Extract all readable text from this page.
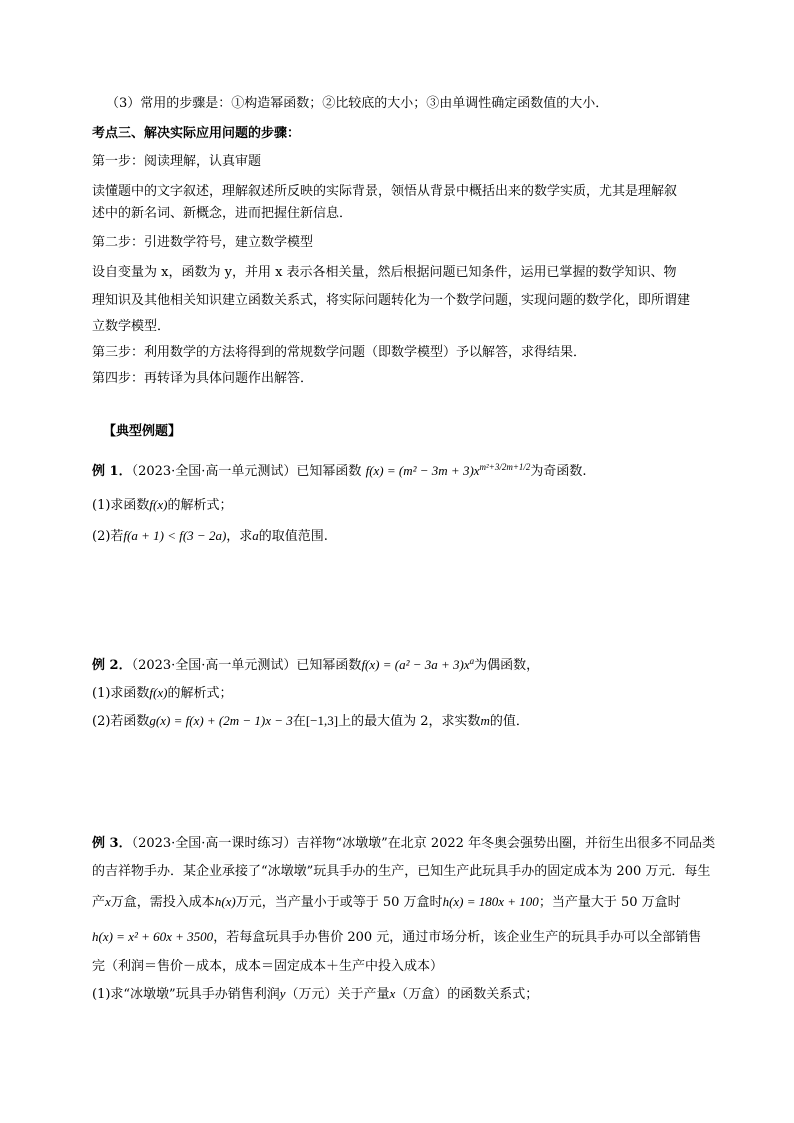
（3）常用的步骤是：①构造幂函数；②比较底的大小；③由单调性确定函数值的大小．
考点三、解决实际应用问题的步骤：
第一步：阅读理解，认真审题
读懂题中的文字叙述，理解叙述所反映的实际背景，领悟从背景中概括出来的数学实质，尤其是理解叙
述中的新名词、新概念，进而把握住新信息．
第二步：引进数学符号，建立数学模型
设自变量为 x，函数为 y，并用 x 表示各相关量，然后根据问题已知条件，运用已掌握的数学知识、物
理知识及其他相关知识建立函数关系式，将实际问题转化为一个数学问题，实现问题的数学化，即所谓建
立数学模型．
第三步：利用数学的方法将得到的常规数学问题（即数学模型）予以解答，求得结果．
第四步：再转译为具体问题作出解答．
【典型例题】
例 1．（2023·全国·高一单元测试）已知幂函数 $f(x) = (m^2 - 3m + 3)x^{m^2+3/2m+1/2}$为奇函数.
(1)求函数f(x)的解析式；
(2)若f(a + 1) < f(3 − 2a)，求a的取值范围.
例 2．（2023·全国·高一单元测试）已知幂函数$f(x) = (a^2 - 3a + 3)x^a$为偶函数，
(1)求函数f(x)的解析式；
(2)若函数g(x) = f(x) + (2m − 1)x − 3在[−1,3]上的最大值为 2，求实数m的值．
例 3．（2023·全国·高一课时练习）吉祥物“冰墩墩”在北京 2022 年冬奥会强势出圈，并衍生出很多不同品类
的吉祥物手办．某企业承接了“冰墩墩”玩具手办的生产，已知生产此玩具手办的固定成本为 200 万元．每生
产x万盒，需投入成本h(x)万元，当产量小于或等于 50 万盒时h(x) = 180x + 100；当产量大于 50 万盒时
h(x) = x² + 60x + 3500，若每盒玩具手办售价 200 元，通过市场分析，该企业生产的玩具手办可以全部销售
完（利润＝售价－成本，成本＝固定成本＋生产中投入成本）
(1)求“冰墩墩”玩具手办销售利润y（万元）关于产量x（万盒）的函数关系式；
